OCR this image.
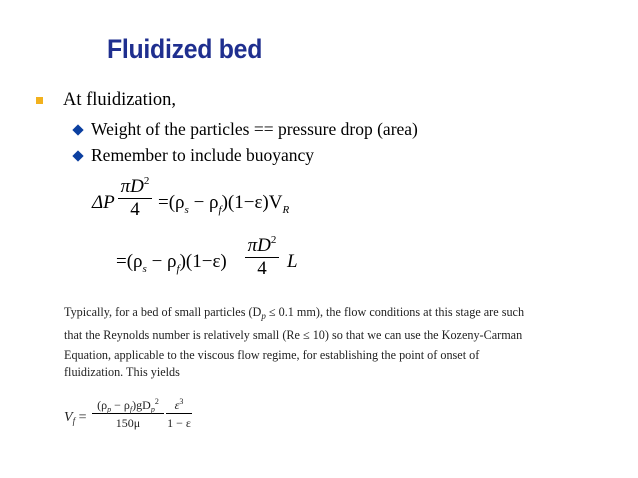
Fluidized bed
At fluidization,
Weight of the particles == pressure drop (area)
Remember to include buoyancy
ΔP
$\pi D^2$
$4 =(\rho_s - \rho_f)(1-\varepsilon)V_R$
$=(\rho_s - \rho_f)(1-\varepsilon)$
$\pi D^2$
4	L
Typically, for a bed of small particles ($D_p \le 0.1$ mm), the flow conditions at this stage are such
that the Reynolds number is relatively small (Re ≤ 10) so that we can use the Kozeny-Carman
Equation, applicable to the viscous flow regime, for establishing the point of onset of
fluidization. This yields
$V_f$ =
$(\rho_p - \rho_f)gD_p^2$
150μ
$\varepsilon^3$
1 − ε
